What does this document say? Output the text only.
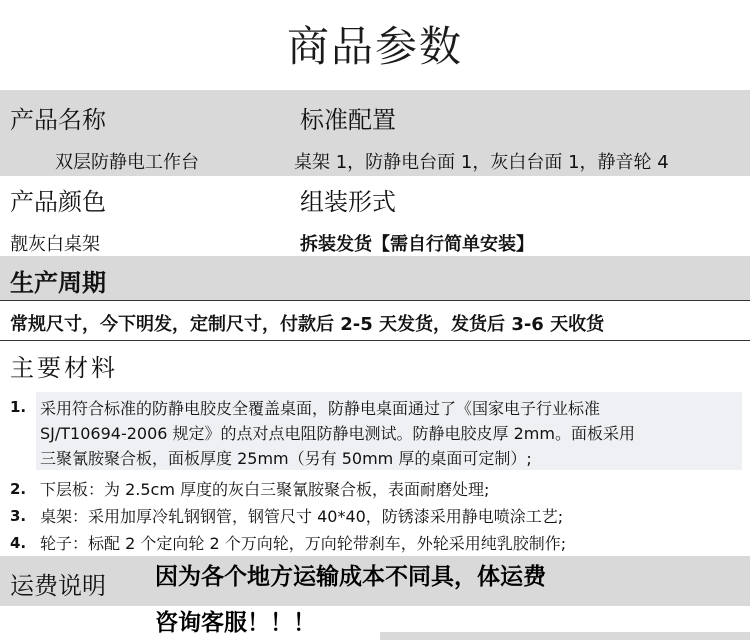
商品参数
产品名称	标准配置
双层防静电工作台	桌架 1，防静电台面 1，灰白台面 1，静音轮 4
产品颜色	组装形式
靓灰白桌架	拆装发货【需自行简单安装】
生产周期
常规尺寸，今下明发，定制尺寸，付款后 2-5 天发货，发货后 3-6 天收货
主要材料
1. 采用符合标准的防静电胶皮全覆盖桌面，防静电桌面通过了《国家电子行业标准
SJ/T10694-2006 规定》的点对点电阻防静电测试。防静电胶皮厚 2mm。面板采用
三聚氰胺聚合板，面板厚度 25mm（另有 50mm 厚的桌面可定制）;
2. 下层板：为 2.5cm 厚度的灰白三聚氰胺聚合板，表面耐磨处理;
3. 桌架：采用加厚冷轧钢钢管，钢管尺寸 40*40，防锈漆采用静电喷涂工艺;
4. 轮子：标配 2 个定向轮 2 个万向轮，万向轮带刹车，外轮采用纯乳胶制作;
运费说明 因为各个地方运输成本不同具，体运费
咨询客服！！！
